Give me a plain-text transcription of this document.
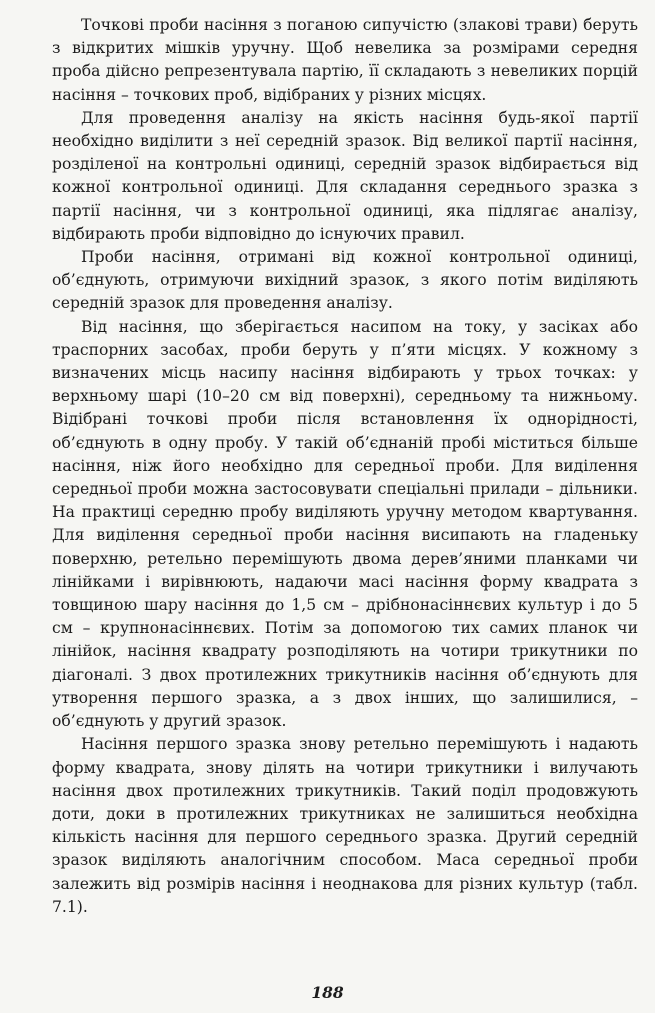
Точкові проби насіння з поганою сипучістю (злакові трави) беруть з відкритих мішків уручну. Щоб невелика за розмірами середня проба дійсно репрезентувала партію, її складають з невеликих порцій насіння – точкових проб, відібраних у різних місцях.

Для проведення аналізу на якість насіння будь-якої партії необхідно виділити з неї середній зразок. Від великої партії насіння, розділеної на контрольні одиниці, середній зразок відбирається від кожної контрольної одиниці. Для складання середнього зразка з партії насіння, чи з контрольної одиниці, яка підлягає аналізу, відбирають проби відповідно до існуючих правил.

Проби насіння, отримані від кожної контрольної одиниці, об’єднують, отримуючи вихідний зразок, з якого потім виділяють середній зразок для проведення аналізу.

Від насіння, що зберігається насипом на току, у засіках або траспорних засобах, проби беруть у п’яти місцях. У кожному з визначених місць насипу насіння відбирають у трьох точках: у верхньому шарі (10–20 см від поверхні), середньому та нижньому. Відібрані точкові проби після встановлення їх однорідності, об’єднують в одну пробу. У такій об’єднаній пробі міститься більше насіння, ніж його необхідно для середньої проби. Для виділення середньої проби можна застосовувати спеціальні прилади – дільники. На практиці середню пробу виділяють уручну методом квартування. Для виділення середньої проби насіння висипають на гладеньку поверхню, ретельно перемішують двома дерев’яними планками чи лінійками і вирівнюють, надаючи масі насіння форму квадрата з товщиною шару насіння до 1,5 см – дрібнонасіннєвих культур і до 5 см – крупнонасіннєвих. Потім за допомогою тих самих планок чи лінійок, насіння квадрату розподіляють на чотири трикутники по діагоналі. З двох протилежних трикутників насіння об’єднують для утворення першого зразка, а з двох інших, що залишилися, – об’єднують у другий зразок.

Насіння першого зразка знову ретельно перемішують і надають форму квадрата, знову ділять на чотири трикутники і вилучають насіння двох протилежних трикутників. Такий поділ продовжують доти, доки в протилежних трикутниках не залишиться необхідна кількість насіння для першого середнього зразка. Другий середній зразок виділяють аналогічним способом. Маса середньої проби залежить від розмірів насіння і неоднакова для різних культур (табл. 7.1).

188
